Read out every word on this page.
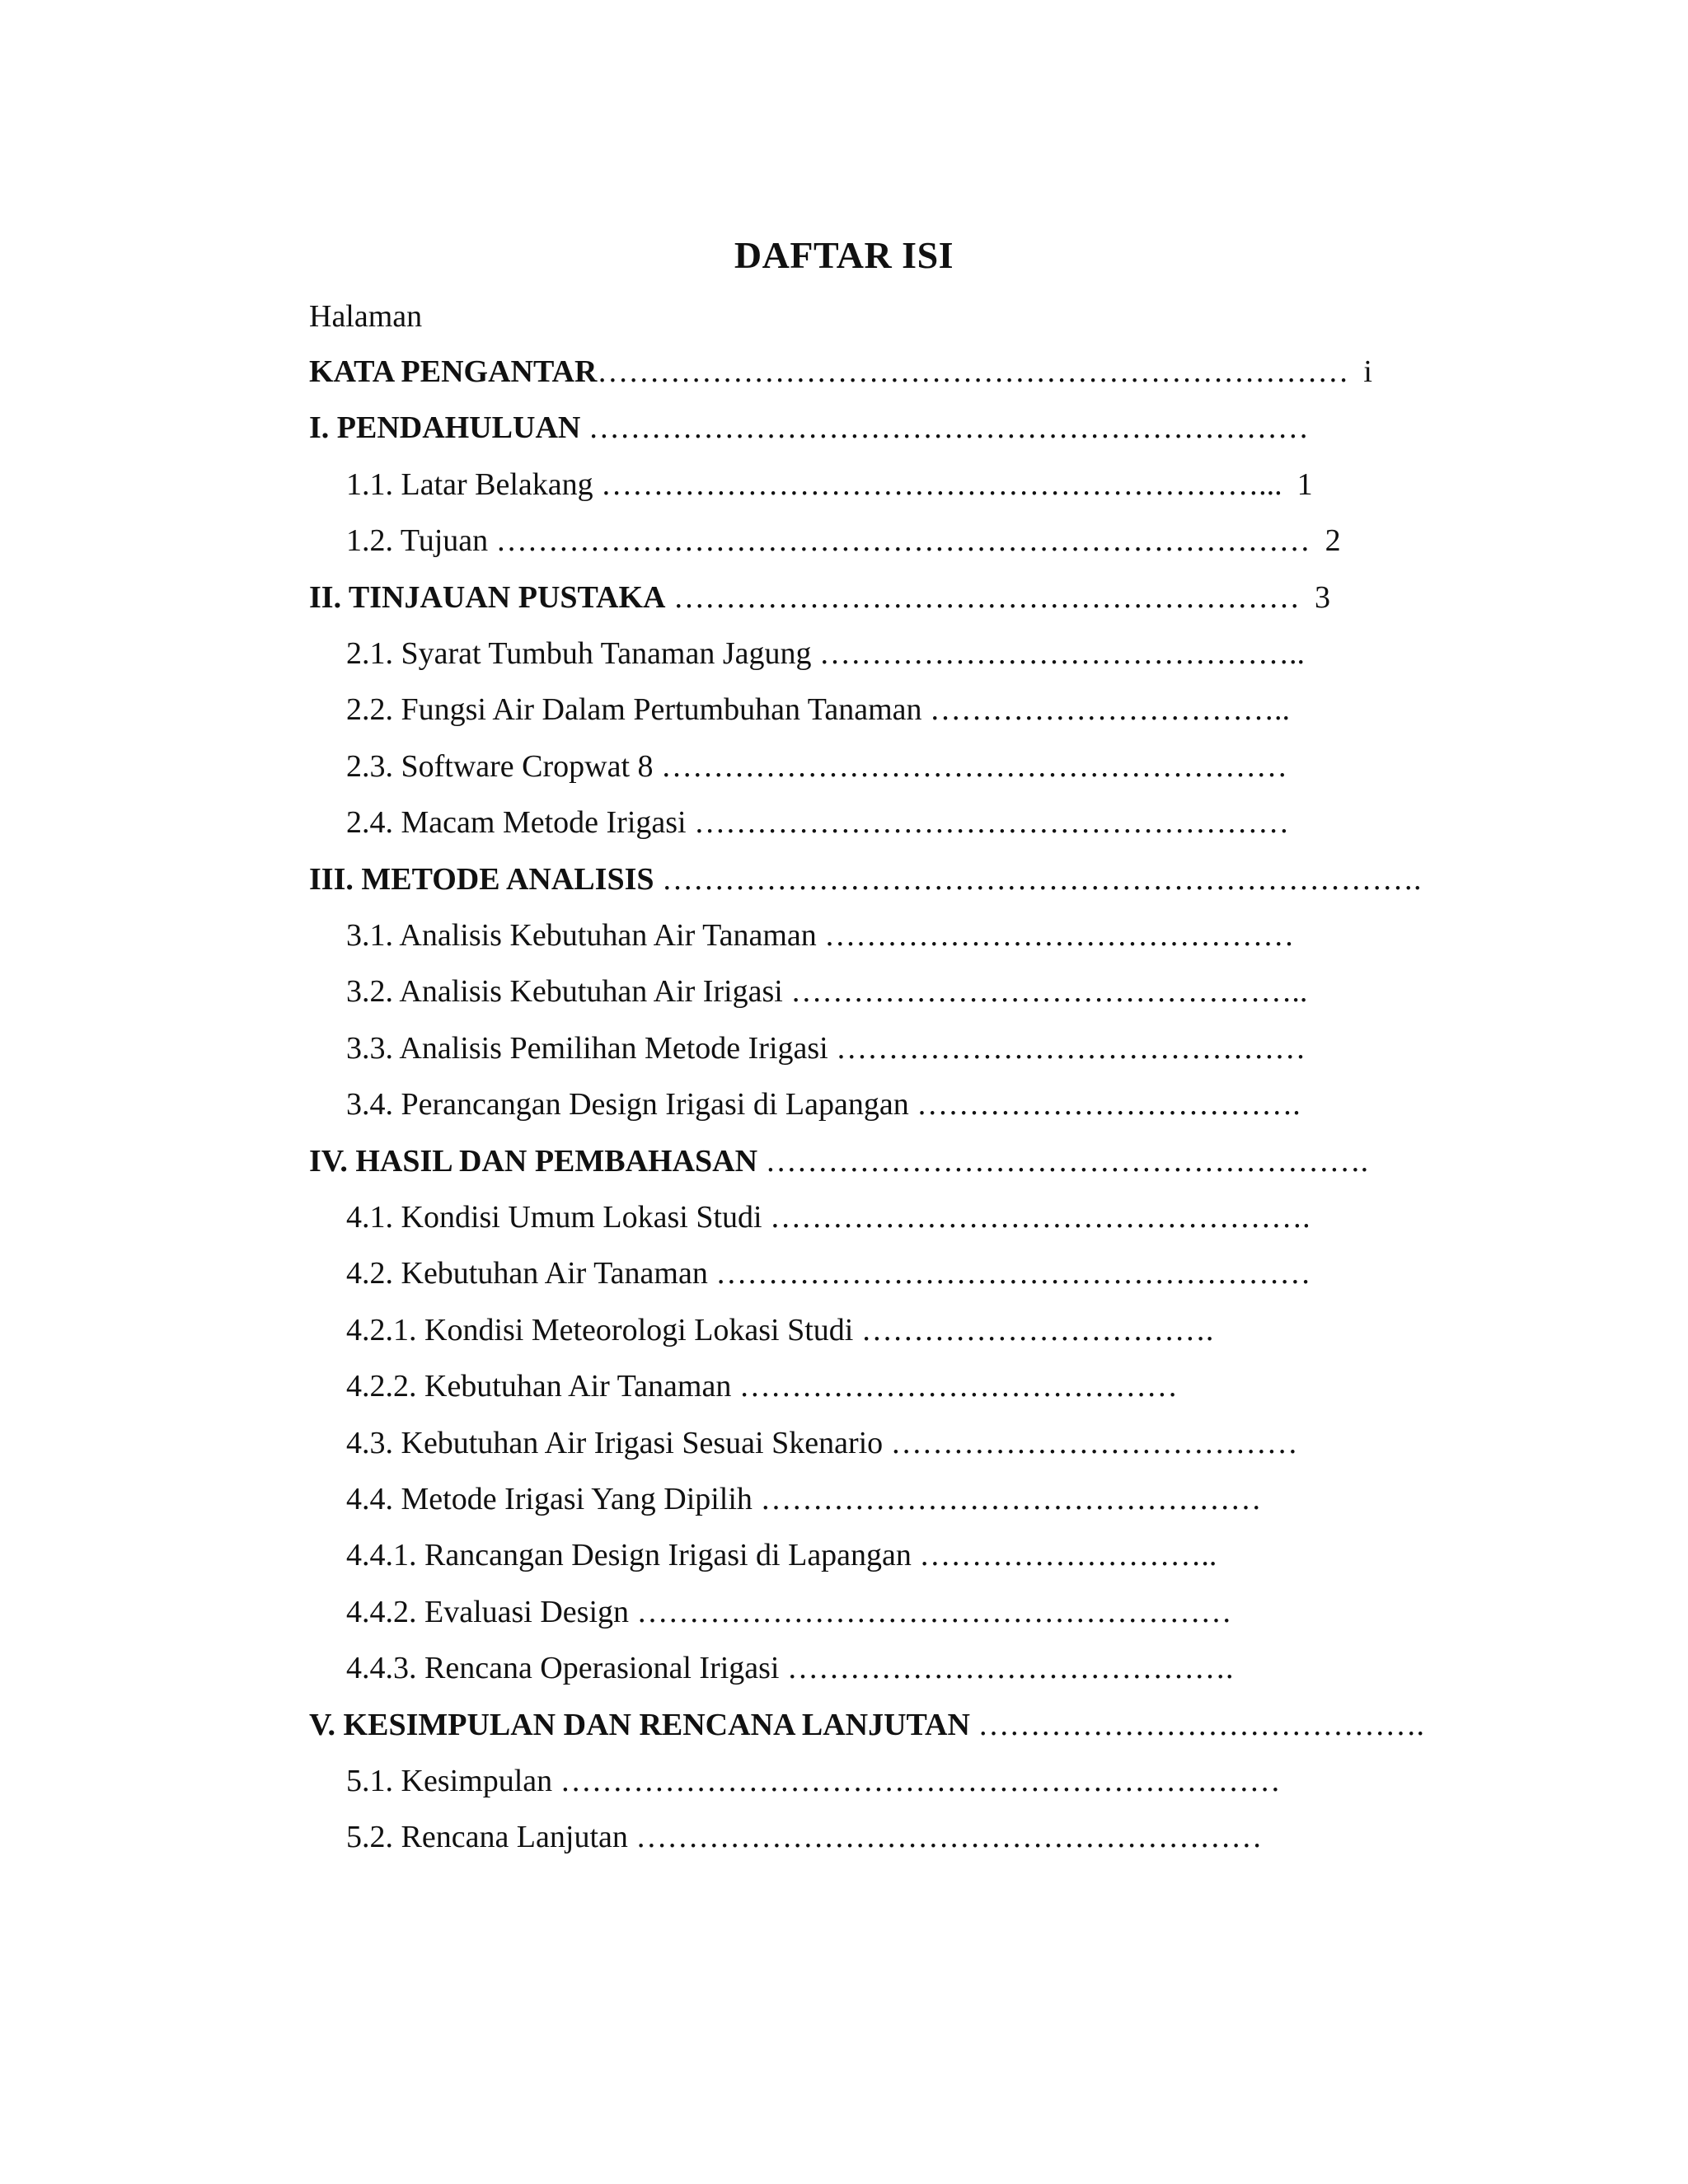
DAFTAR ISI
Halaman
KATA PENGANTAR……………………………………………………………… i
I. PENDAHULUAN ……………………………………………………………
1.1. Latar Belakang ………………………………………………………... 1
1.2. Tujuan …………………………………………………………………… 2
II. TINJAUAN PUSTAKA …………………………………………………… 3
2.1. Syarat Tumbuh Tanaman Jagung ………………………………………..
2.2. Fungsi Air Dalam Pertumbuhan Tanaman ……………………………..
2.3. Software Cropwat 8 ……………………………………………………
2.4. Macam Metode Irigasi …………………………………………………
III. METODE ANALISIS ……………………………………………………………….
3.1. Analisis Kebutuhan Air Tanaman ………………………………………
3.2. Analisis Kebutuhan Air Irigasi …………………………………………..
3.3. Analisis Pemilihan Metode Irigasi ………………………………………
3.4. Perancangan Design Irigasi di Lapangan ……………………………….
IV. HASIL DAN PEMBAHASAN ………………………………………………….
4.1. Kondisi Umum Lokasi Studi …………………………………………….
4.2. Kebutuhan Air Tanaman …………………………………………………
4.2.1. Kondisi Meteorologi Lokasi Studi …………………………….
4.2.2. Kebutuhan Air Tanaman ……………………………………
4.3. Kebutuhan Air Irigasi Sesuai Skenario …………………………………
4.4. Metode Irigasi Yang Dipilih …………………………………………
4.4.1. Rancangan Design Irigasi di Lapangan ………………………..
4.4.2. Evaluasi Design …………………………………………………
4.4.3. Rencana Operasional Irigasi …………………………………….
V. KESIMPULAN DAN RENCANA LANJUTAN …………………………………….
5.1. Kesimpulan ……………………………………………………………
5.2. Rencana Lanjutan ……………………………………………………
